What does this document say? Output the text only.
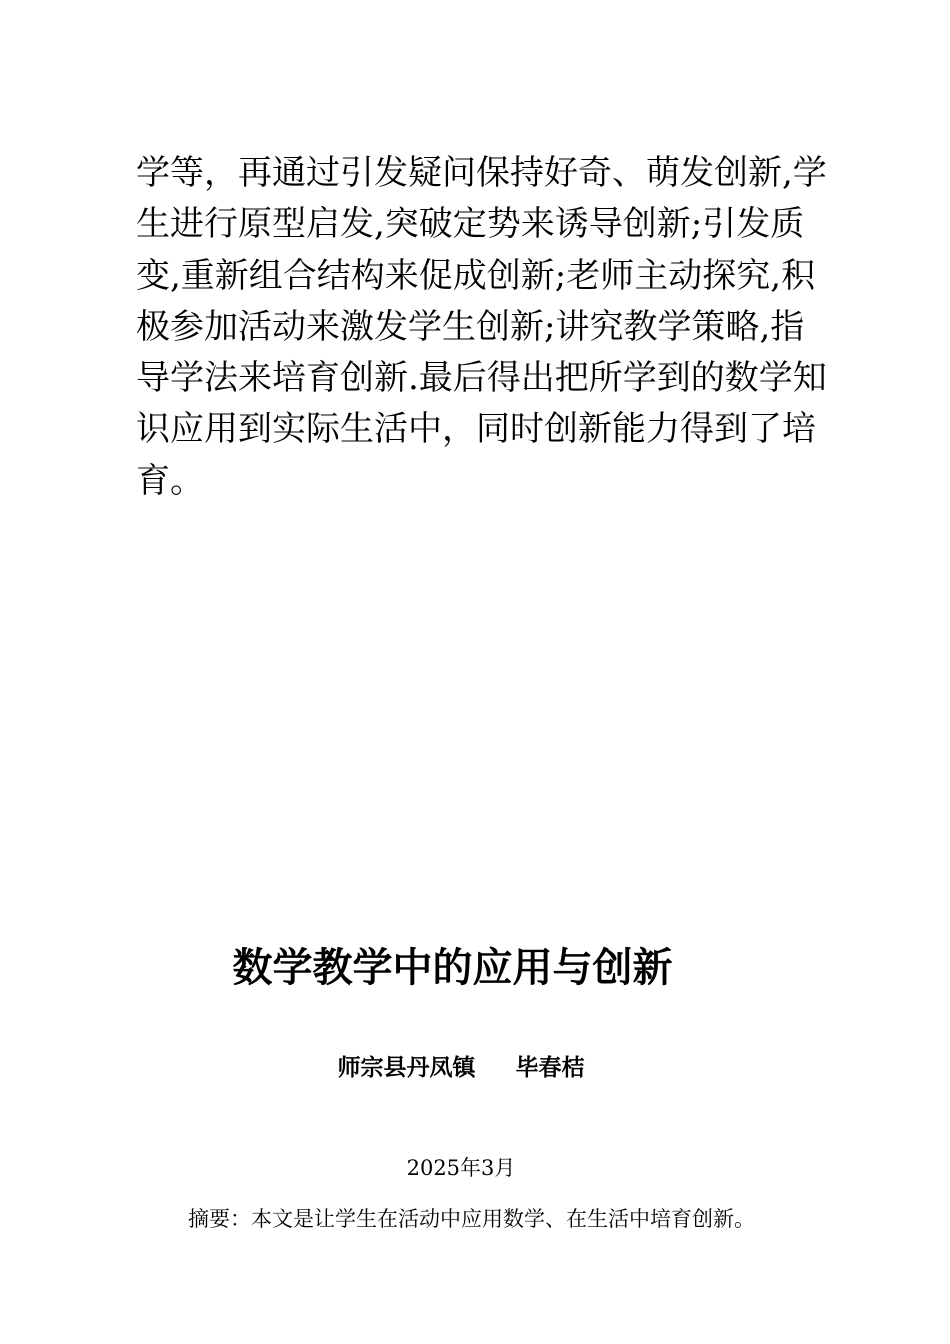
学等，再通过引发疑问保持好奇、萌发创新,学
生进行原型启发,突破定势来诱导创新;引发质
变,重新组合结构来促成创新;老师主动探究,积
极参加活动来激发学生创新;讲究教学策略,指
导学法来培育创新.最后得出把所学到的数学知
识应用到实际生活中，同时创新能力得到了培
育。
数学教学中的应用与创新
师宗县丹凤镇 毕春桔
2025年3月
摘要：本文是让学生在活动中应用数学、在生活中培育创新。
